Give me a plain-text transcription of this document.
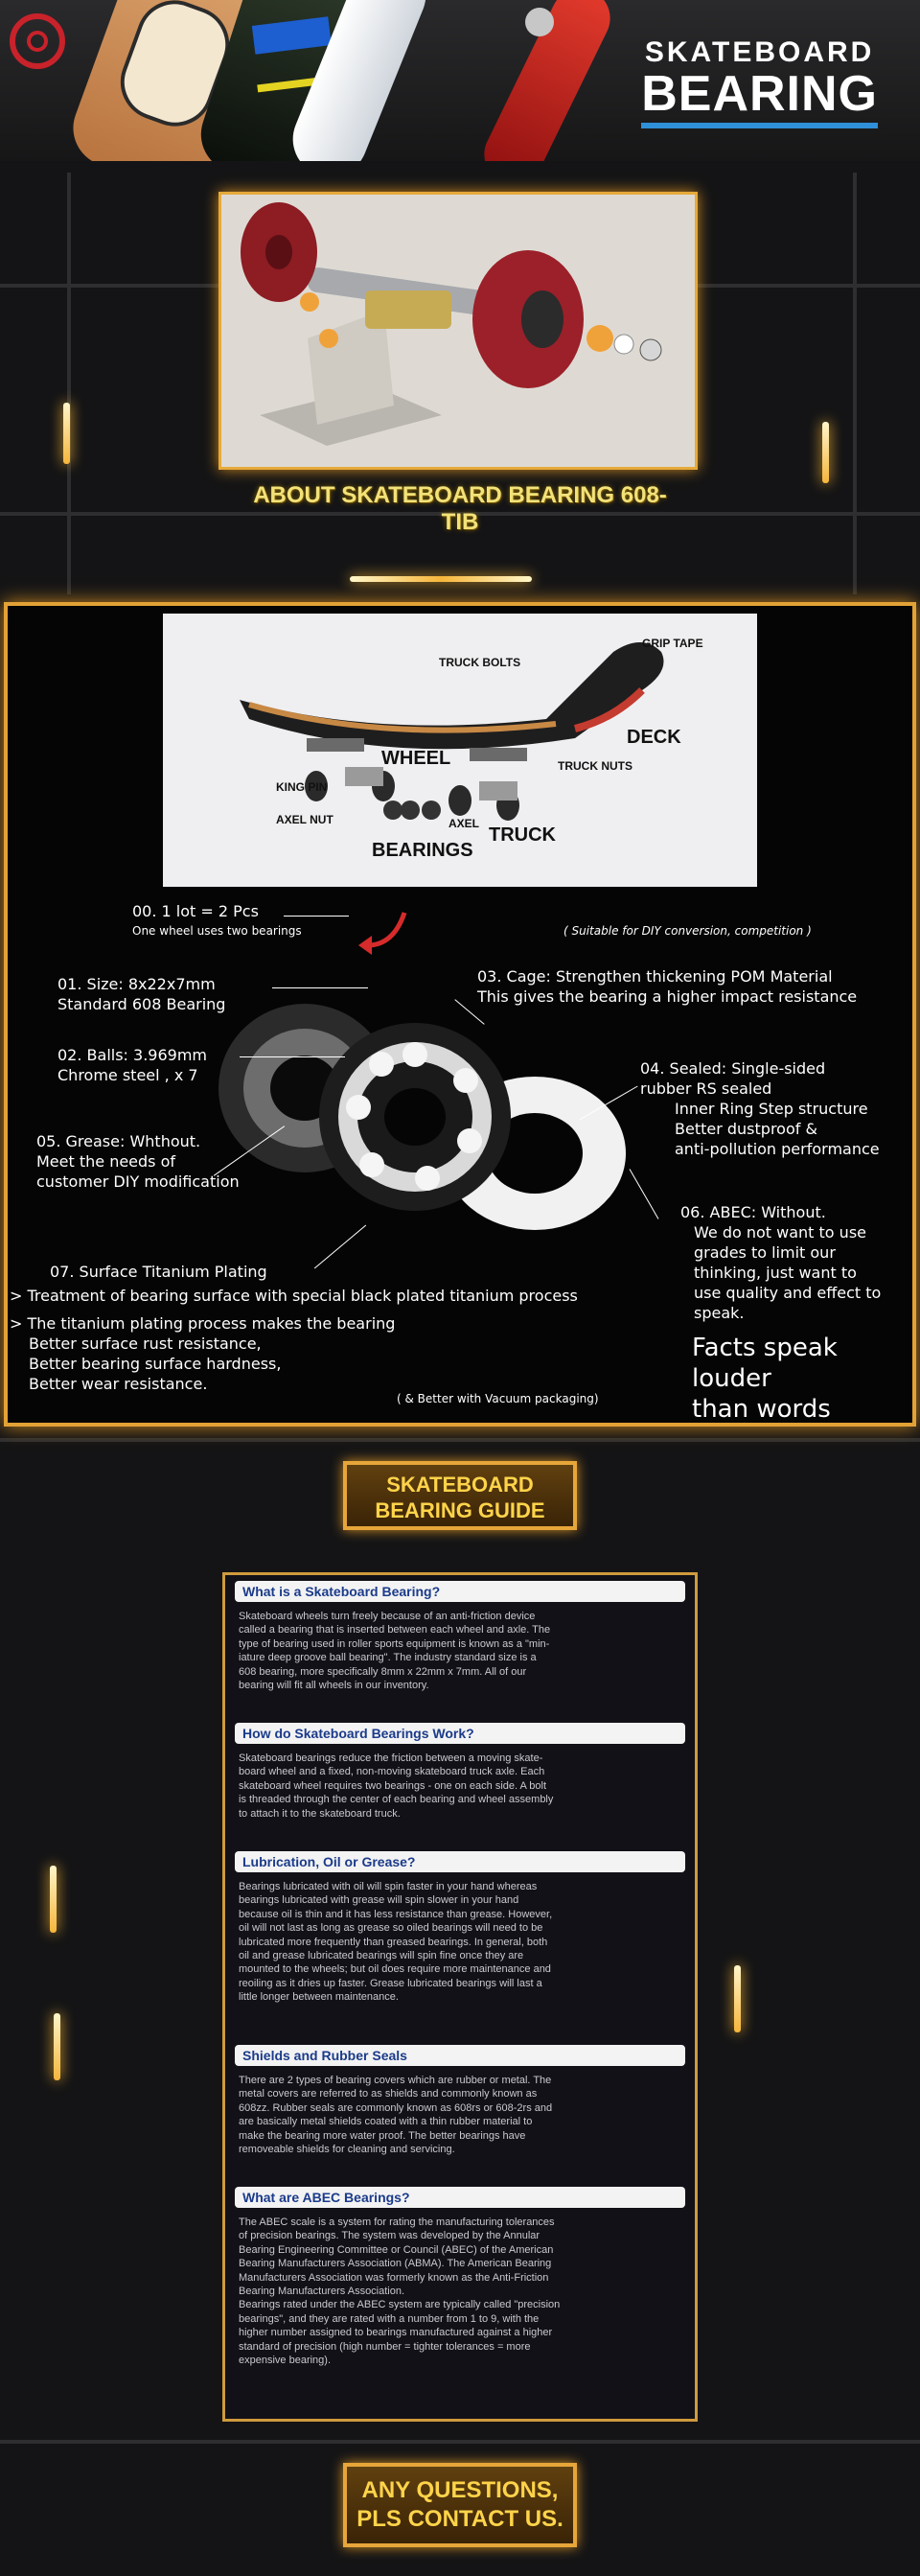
SKATEBOARD
BEARING
ABOUT SKATEBOARD BEARING 608-TIB
GRIP TAPE
TRUCK BOLTS
DECK
WHEEL
KING PIN
TRUCK NUTS
AXEL NUT	AXEL
BEARINGS
TRUCK
00. 1 lot = 2 Pcs
One wheel uses two bearings	( Suitable for DIY conversion, competition )
01. Size: 8x22x7mm
Standard 608 Bearing
02. Balls: 3.969mm
Chrome steel , x 7
03. Cage: Strengthen thickening POM Material
This gives the bearing a higher impact resistance
04. Sealed: Single-sided
rubber RS sealed
Inner Ring Step structure
Better dustproof &
anti-pollution performance
05. Grease: Whthout.
Meet the needs of
customer DIY modification
06. ABEC: Without.
We do not want to use
grades to limit our
thinking, just want to
use quality and effect to
speak.
Facts speak
louder
than words
07. Surface Titanium Plating
> Treatment of bearing surface with special black plated titanium process
> The titanium plating process makes the bearing
Better surface rust resistance,
Better bearing surface hardness,
Better wear resistance.
( & Better with Vacuum packaging)
SKATEBOARD
BEARING GUIDE
What is a Skateboard Bearing?
Skateboard wheels turn freely because of an anti-friction device
called a bearing that is inserted between each wheel and axle. The
type of bearing used in roller sports equipment is known as a "min-
iature deep groove ball bearing". The industry standard size is a
608 bearing, more specifically 8mm x 22mm x 7mm. All of our
bearing will fit all wheels in our inventory.
How do Skateboard Bearings Work?
Skateboard bearings reduce the friction between a moving skate-
board wheel and a fixed, non-moving skateboard truck axle. Each
skateboard wheel requires two bearings - one on each side. A bolt
is threaded through the center of each bearing and wheel assembly
to attach it to the skateboard truck.
Lubrication, Oil or Grease?
Bearings lubricated with oil will spin faster in your hand whereas
bearings lubricated with grease will spin slower in your hand
because oil is thin and it has less resistance than grease. However,
oil will not last as long as grease so oiled bearings will need to be
lubricated more frequently than greased bearings. In general, both
oil and grease lubricated bearings will spin fine once they are
mounted to the wheels; but oil does require more maintenance and
reoiling as it dries up faster. Grease lubricated bearings will last a
little longer between maintenance.
Shields and Rubber Seals
There are 2 types of bearing covers which are rubber or metal. The
metal covers are referred to as shields and commonly known as
608zz. Rubber seals are commonly known as 608rs or 608-2rs and
are basically metal shields coated with a thin rubber material to
make the bearing more water proof. The better bearings have
removeable shields for cleaning and servicing.
What are ABEC Bearings?
The ABEC scale is a system for rating the manufacturing tolerances
of precision bearings. The system was developed by the Annular
Bearing Engineering Committee or Council (ABEC) of the American
Bearing Manufacturers Association (ABMA). The American Bearing
Manufacturers Association was formerly known as the Anti-Friction
Bearing Manufacturers Association.
Bearings rated under the ABEC system are typically called "precision
bearings", and they are rated with a number from 1 to 9, with the
higher number assigned to bearings manufactured against a higher
standard of precision (high number = tighter tolerances = more
expensive bearing).
ANY QUESTIONS,
PLS CONTACT US.
